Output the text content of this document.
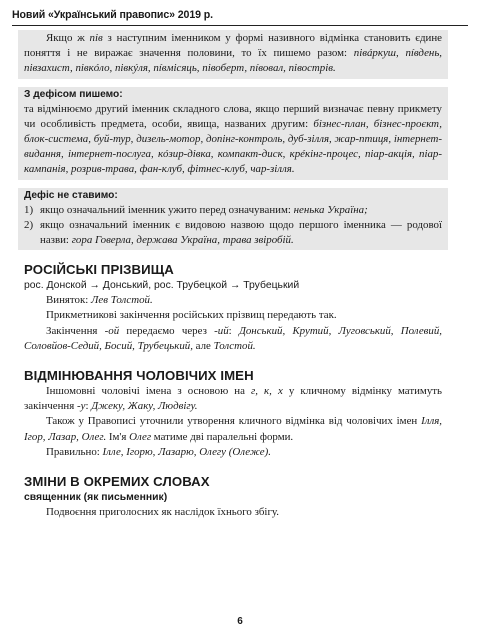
Новий «Український правопис» 2019 р.

Якщо ж пів з наступним іменником у формі називного відмінка становить єдине поняття і не виражає значення половини, то їх пишемо разом: півáркуш, пíвдень, півзахист, півкóло, півкýля, пíвмісяць, півоберт, пíвовал, півострів.

З дефісом пишемо:

та відмінюємо другий іменник складного слова, якщо перший визначає певну прикмету чи особливість предмета, особи, явища, названих другим: бізнес-план, бізнес-проєкт, блок-система, буй-тур, дизель-мотор, допінг-контроль, дуб-зілля, жар-птиця, інтернет-видання, інтернет-послуга, кóзир-дівка, компакт-диск, крéкінг-процес, піар-акція, піар-кампанія, розрив-трава, фан-клуб, фітнес-клуб, чар-зілля.

Дефіс не ставимо:

1) якщо означальний іменник ужито перед означуваним: ненька Україна;
2) якщо означальний іменник є видовою назвою щодо першого іменника — родової назви: гора Говерла, держава Україна, трава звіробій.

РОСІЙСЬКІ ПРІЗВИЩА

рос. Донской → Донський, рос. Трубецкой → Трубецький

Виняток: Лев Толстой.

Прикметникові закінчення російських прізвищ передають так.

Закінчення -ой передаємо через -ий: Донський, Крутий, Луговський, Полевий, Соловйов-Седий, Босий, Трубецький, але Толстой.

ВІДМІНЮВАННЯ ЧОЛОВІЧИХ ІМЕН

Іншомовні чоловічі імена з основою на г, к, х у кличному відмінку матимуть закінчення -у: Джеку, Жаку, Людвігу.

Також у Правописі уточнили утворення кличного відмінка від чоловічих імен Ілля, Ігор, Лазар, Олег. Ім'я Олег матиме дві паралельні форми.

Правильно: Ілле, Ігорю, Лазарю, Олегу (Олеже).

ЗМІНИ В ОКРЕМИХ СЛОВАХ

священник (як письменник)

Подвоєння приголосних як наслідок їхнього збігу.

6
